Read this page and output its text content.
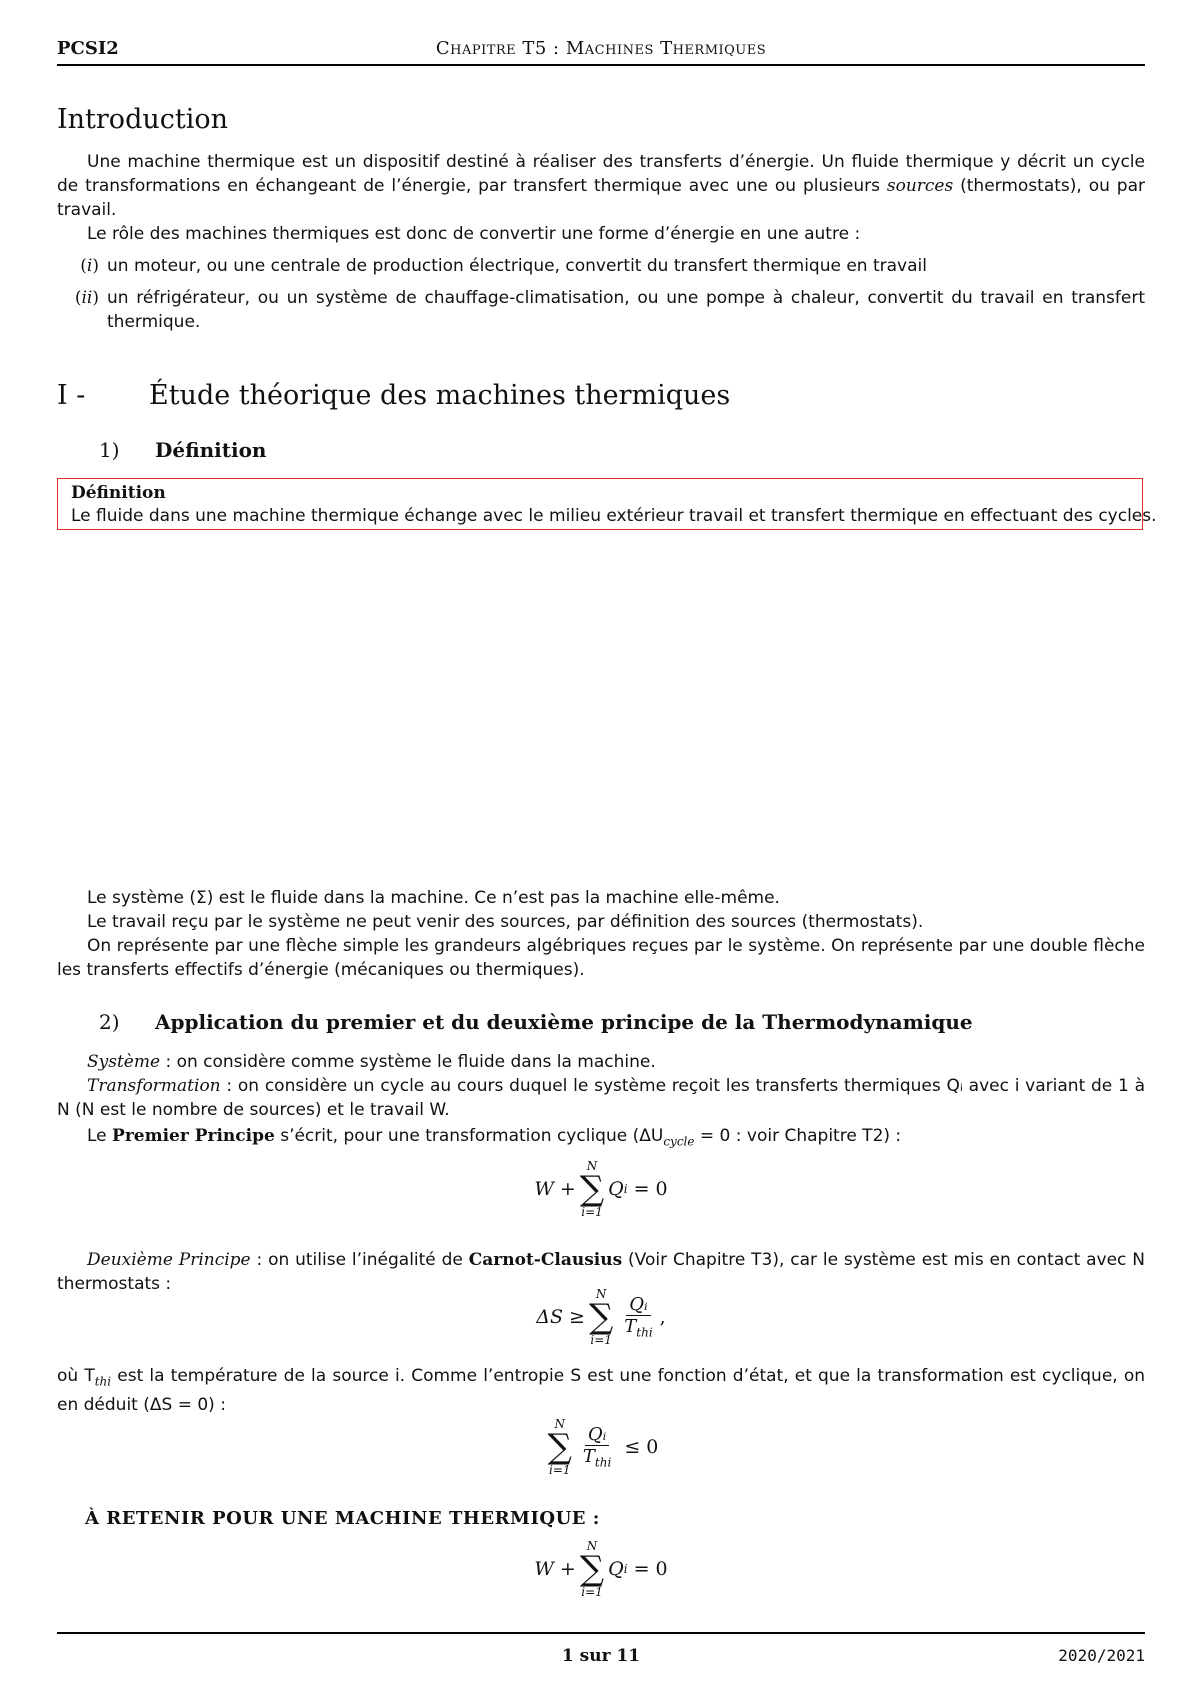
PCSI2	Chapitre T5 : Machines Thermiques
Introduction

Une machine thermique est un dispositif destiné à réaliser des transferts d’énergie. Un fluide thermique y décrit un cycle de transformations en échangeant de l’énergie, par transfert thermique avec une ou plusieurs sources (thermostats), ou par travail.

Le rôle des machines thermiques est donc de convertir une forme d’énergie en une autre :

(i) un moteur, ou une centrale de production électrique, convertit du transfert thermique en travail
(ii) un réfrigérateur, ou un système de chauffage-climatisation, ou une pompe à chaleur, convertit du travail en transfert thermique.
I - Étude théorique des machines thermiques
1) Définition
Définition
Le fluide dans une machine thermique échange avec le milieu extérieur travail et transfert thermique en effectuant des cycles.

Le système (Σ) est le fluide dans la machine. Ce n’est pas la machine elle-même.

Le travail reçu par le système ne peut venir des sources, par définition des sources (thermostats).

On représente par une flèche simple les grandeurs algébriques reçues par le système. On représente par une double flèche les transferts effectifs d’énergie (mécaniques ou thermiques).

2) Application du premier et du deuxième principe de la Thermodynamique

Système : on considère comme système le fluide dans la machine.

Transformation : on considère un cycle au cours duquel le système reçoit les transferts thermiques Qᵢ avec i variant de 1 à N (N est le nombre de sources) et le travail W.

Le Premier Principe s’écrit, pour une transformation cyclique ($\Delta U_{cycle} = 0$ : voir Chapitre T2) :

W +
N
∑
i=1
Q i = 0

Deuxième Principe : on utilise l’inégalité de Carnot-Clausius (Voir Chapitre T3), car le système est mis en contact avec N thermostats :

ΔS ≥
N
∑
i=1
$\frac{\text{Qᵢ}}{T_{thi}}$ ,

où $T_{thi}$ est la température de la source i. Comme l’entropie S est une fonction d’état, et que la transformation est cyclique, on en déduit (ΔS = 0) :

N
∑
i=1
$\frac{\text{Qᵢ}}{T_{thi}} \le 0$
À RETENIR POUR UNE MACHINE THERMIQUE :
W +
N
∑
i=1
Q i = 0
1 sur 11	2020/2021
